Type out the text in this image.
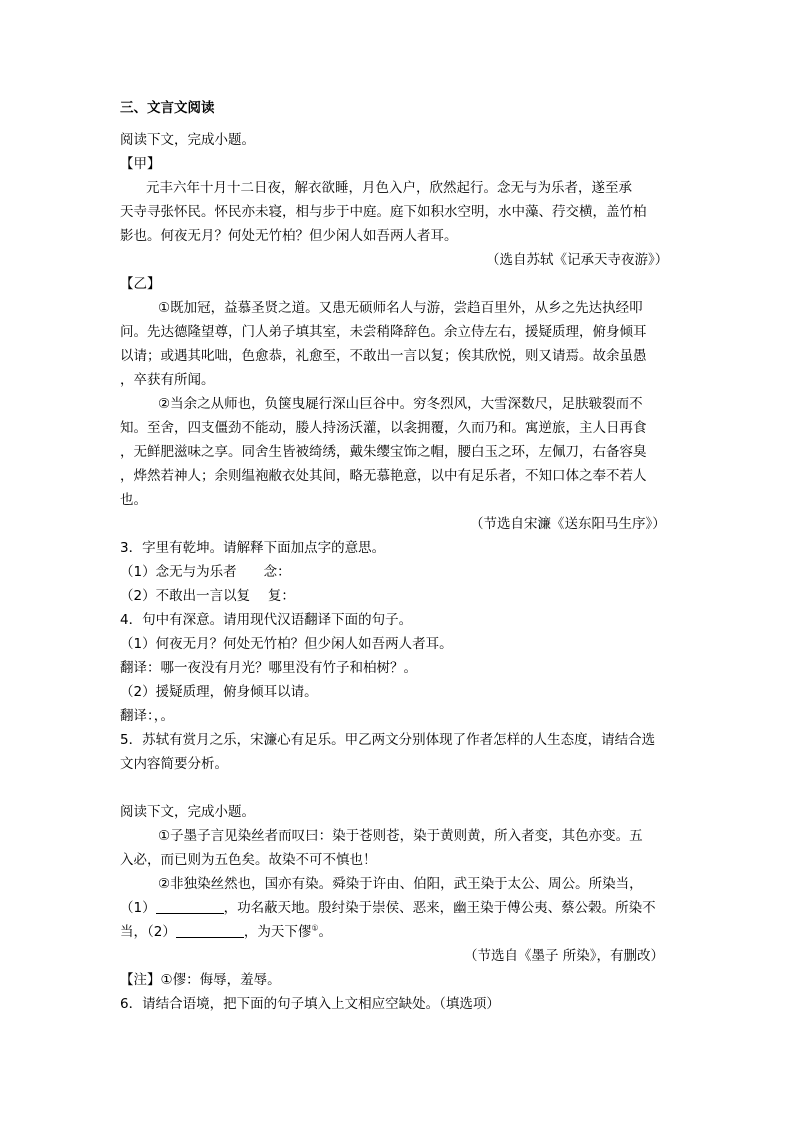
三、文言文阅读
阅读下文，完成小题。
【甲】
元丰六年十月十二日夜，解衣欲睡，月色入户，欣然起行。念无与为乐者，遂至承
天寺寻张怀民。怀民亦未寝，相与步于中庭。庭下如积水空明，水中藻、荇交横，盖竹柏
影也。何夜无月？何处无竹柏？但少闲人如吾两人者耳。
（选自苏轼《记承天寺夜游》）
【乙】
①既加冠，益慕圣贤之道。又患无硕师名人与游，尝趋百里外，从乡之先达执经叩
问。先达德隆望尊，门人弟子填其室，未尝稍降辞色。余立侍左右，援疑质理，俯身倾耳
以请；或遇其叱咄，色愈恭，礼愈至，不敢出一言以复；俟其欣悦，则又请焉。故余虽愚
，卒获有所闻。
②当余之从师也，负箧曳屣行深山巨谷中。穷冬烈风，大雪深数尺，足肤皲裂而不
知。至舍，四支僵劲不能动，媵人持汤沃灌，以衾拥覆，久而乃和。寓逆旅，主人日再食
，无鲜肥滋味之享。同舍生皆被绮绣，戴朱缨宝饰之帽，腰白玉之环，左佩刀，右备容臭
，烨然若神人；余则缊袍敝衣处其间，略无慕艳意，以中有足乐者，不知口体之奉不若人
也。
（节选自宋濂《送东阳马生序》）
3．字里有乾坤。请解释下面加点字的意思。
（1）念无与为乐者　　念：
（2）不敢出一言以复　 复：
4．句中有深意。请用现代汉语翻译下面的句子。
（1）何夜无月？何处无竹柏？但少闲人如吾两人者耳。
翻译：哪一夜没有月光？哪里没有竹子和柏树？。
（2）援疑质理，俯身倾耳以请。
翻译：，。
5．苏轼有赏月之乐，宋濂心有足乐。甲乙两文分别体现了作者怎样的人生态度，请结合选
文内容简要分析。
阅读下文，完成小题。
①子墨子言见染丝者而叹曰：染于苍则苍，染于黄则黄，所入者变，其色亦变。五
入必，而已则为五色矣。故染不可不慎也！
②非独染丝然也，国亦有染。舜染于许由、伯阳，武王染于太公、周公。所染当，
（1）	，功名蔽天地。殷纣染于崇侯、恶来，幽王染于傅公夷、蔡公榖。所染不
当，（2）	，为天下僇①。
（节选自《墨子 所染》，有删改）
【注】①僇：侮辱，羞辱。
6．请结合语境，把下面的句子填入上文相应空缺处。（填选项）
